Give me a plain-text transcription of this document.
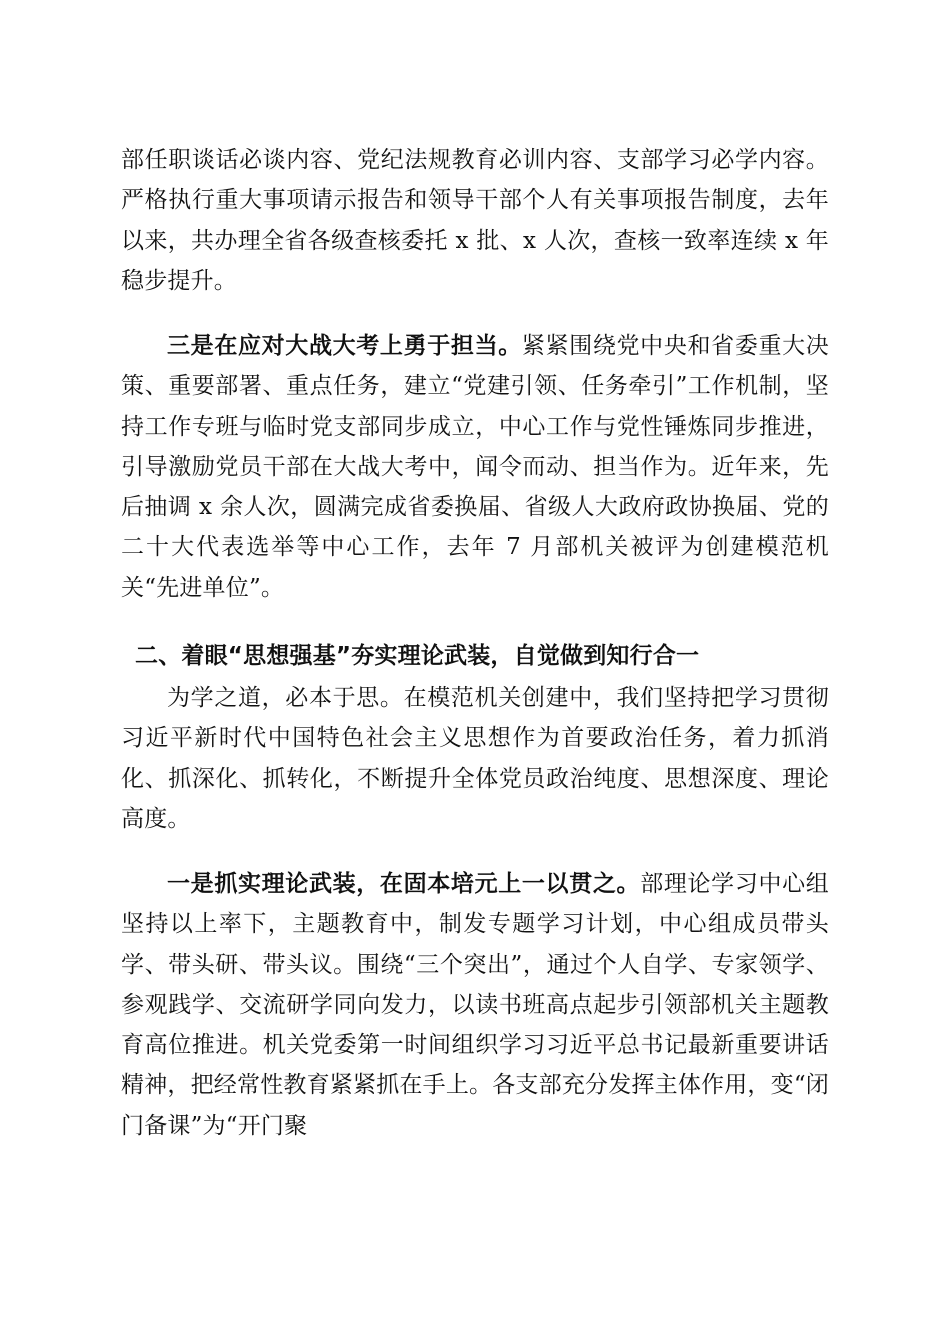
部任职谈话必谈内容、党纪法规教育必训内容、支部学习必学内容。严格执行重大事项请示报告和领导干部个人有关事项报告制度，去年以来，共办理全省各级查核委托 x 批、x 人次，查核一致率连续 x 年稳步提升。

三是在应对大战大考上勇于担当。紧紧围绕党中央和省委重大决策、重要部署、重点任务，建立“党建引领、任务牵引”工作机制，坚持工作专班与临时党支部同步成立，中心工作与党性锤炼同步推进，引导激励党员干部在大战大考中，闻令而动、担当作为。近年来，先后抽调 x 余人次，圆满完成省委换届、省级人大政府政协换届、党的二十大代表选举等中心工作，去年 7 月部机关被评为创建模范机关“先进单位”。

二、着眼“思想强基”夯实理论武装，自觉做到知行合一

为学之道，必本于思。在模范机关创建中，我们坚持把学习贯彻习近平新时代中国特色社会主义思想作为首要政治任务，着力抓消化、抓深化、抓转化，不断提升全体党员政治纯度、思想深度、理论高度。

一是抓实理论武装，在固本培元上一以贯之。部理论学习中心组坚持以上率下，主题教育中，制发专题学习计划，中心组成员带头学、带头研、带头议。围绕“三个突出”，通过个人自学、专家领学、参观践学、交流研学同向发力，以读书班高点起步引领部机关主题教育高位推进。机关党委第一时间组织学习习近平总书记最新重要讲话精神，把经常性教育紧紧抓在手上。各支部充分发挥主体作用，变“闭门备课”为“开门聚
